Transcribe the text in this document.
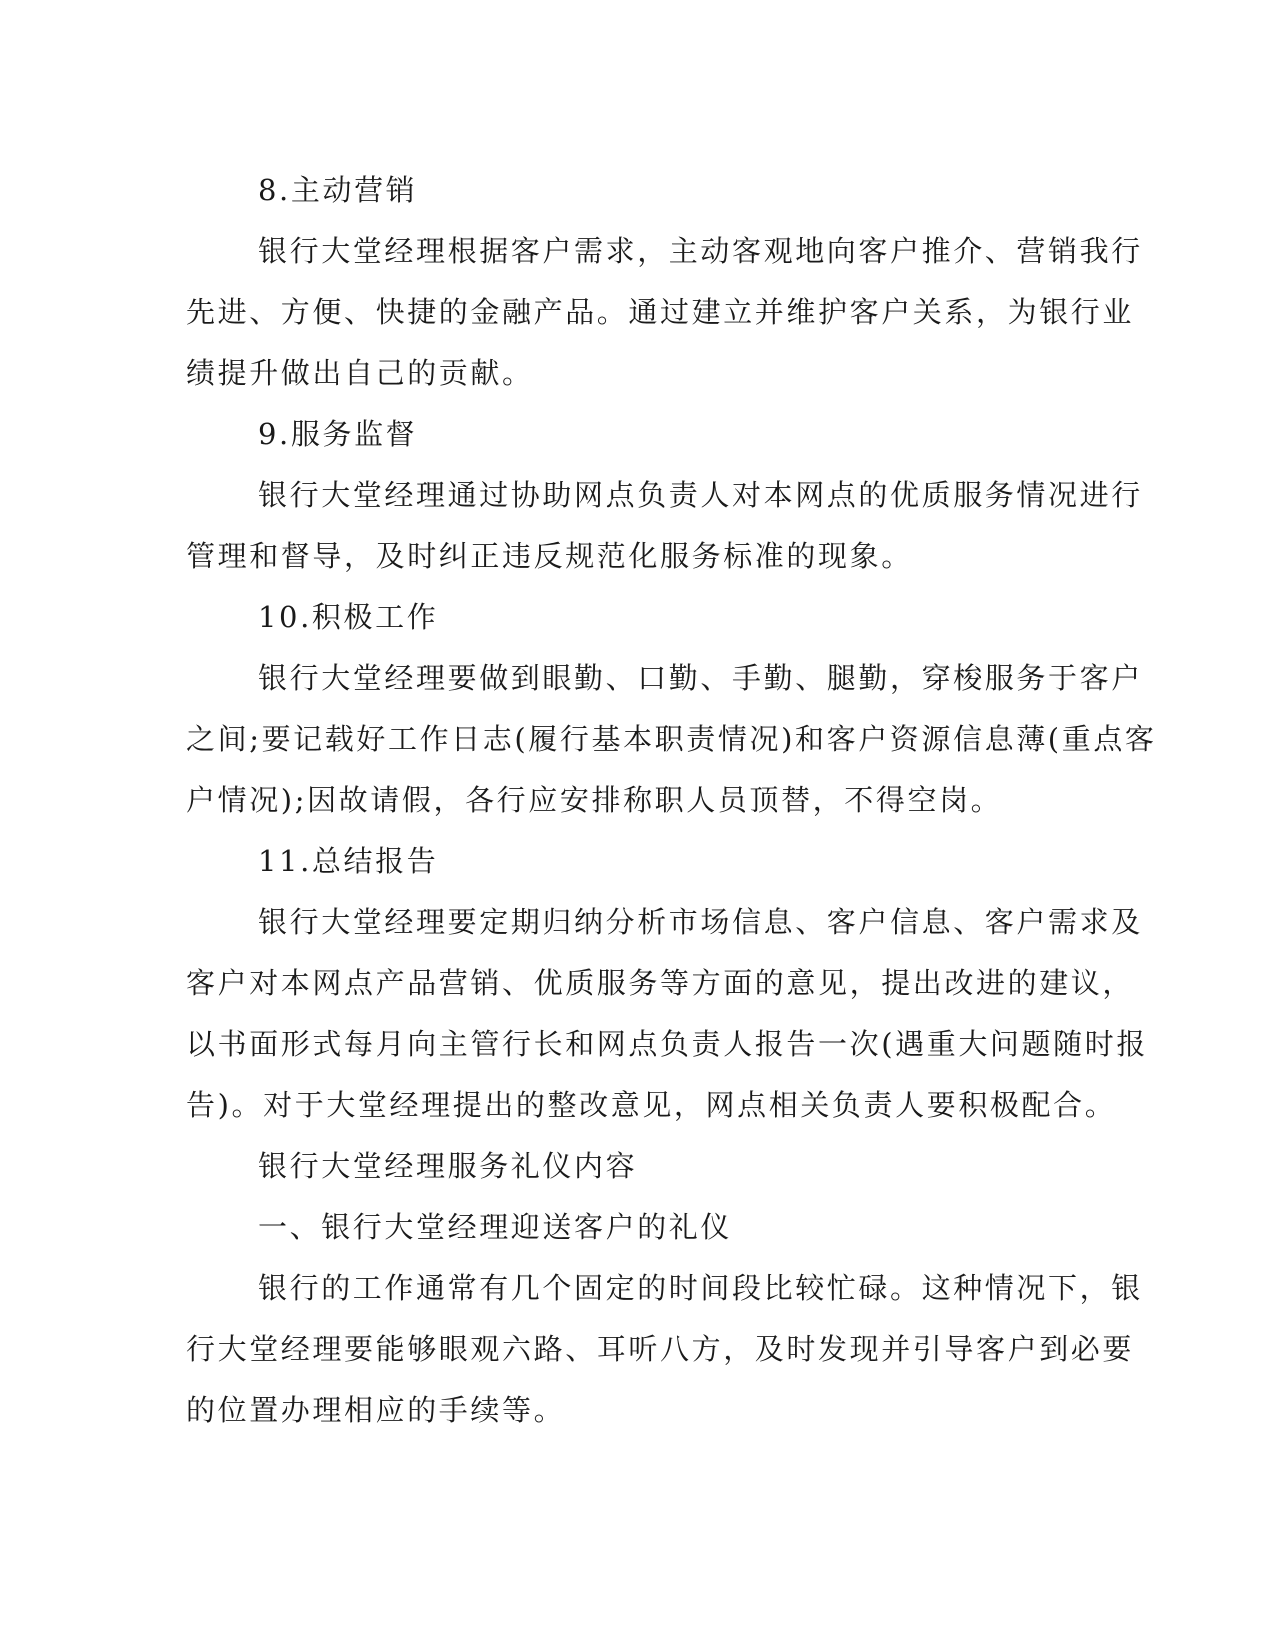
8.主动营销
银行大堂经理根据客户需求，主动客观地向客户推介、营销我行
先进、方便、快捷的金融产品。通过建立并维护客户关系，为银行业
绩提升做出自己的贡献。
9.服务监督
银行大堂经理通过协助网点负责人对本网点的优质服务情况进行
管理和督导，及时纠正违反规范化服务标准的现象。
10.积极工作
银行大堂经理要做到眼勤、口勤、手勤、腿勤，穿梭服务于客户
之间;要记载好工作日志(履行基本职责情况)和客户资源信息薄(重点客
户情况);因故请假，各行应安排称职人员顶替，不得空岗。
11.总结报告
银行大堂经理要定期归纳分析市场信息、客户信息、客户需求及
客户对本网点产品营销、优质服务等方面的意见，提出改进的建议，
以书面形式每月向主管行长和网点负责人报告一次(遇重大问题随时报
告)。对于大堂经理提出的整改意见，网点相关负责人要积极配合。
银行大堂经理服务礼仪内容
一、银行大堂经理迎送客户的礼仪
银行的工作通常有几个固定的时间段比较忙碌。这种情况下，银
行大堂经理要能够眼观六路、耳听八方，及时发现并引导客户到必要
的位置办理相应的手续等。
